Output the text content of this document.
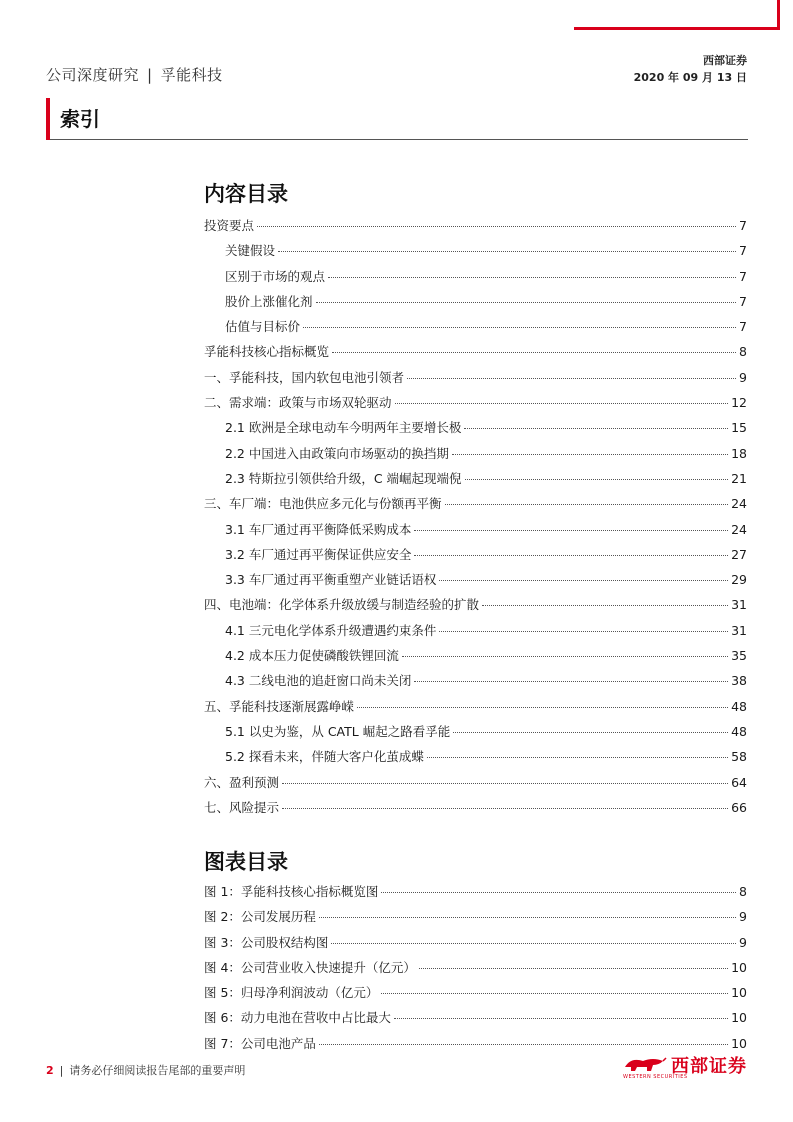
公司深度研究 | 孚能科技
西部证券
2020 年 09 月 13 日
索引
内容目录
投资要点	7
关键假设	7
区别于市场的观点	7
股价上涨催化剂	7
估值与目标价	7
孚能科技核心指标概览	8
一、孚能科技，国内软包电池引领者	9
二、需求端：政策与市场双轮驱动	12
2.1 欧洲是全球电动车今明两年主要增长极	15
2.2 中国进入由政策向市场驱动的换挡期	18
2.3 特斯拉引领供给升级，C 端崛起现端倪	21
三、车厂端：电池供应多元化与份额再平衡	24
3.1 车厂通过再平衡降低采购成本	24
3.2 车厂通过再平衡保证供应安全	27
3.3 车厂通过再平衡重塑产业链话语权	29
四、电池端：化学体系升级放缓与制造经验的扩散	31
4.1 三元电化学体系升级遭遇约束条件	31
4.2 成本压力促使磷酸铁锂回流	35
4.3 二线电池的追赶窗口尚未关闭	38
五、孚能科技逐渐展露峥嵘	48
5.1 以史为鉴，从 CATL 崛起之路看孚能	48
5.2 探看未来，伴随大客户化茧成蝶	58
六、盈利预测	64
七、风险提示	66
图表目录
图 1：孚能科技核心指标概览图	8
图 2：公司发展历程	9
图 3：公司股权结构图	9
图 4：公司营业收入快速提升（亿元）	10
图 5：归母净利润波动（亿元）	10
图 6：动力电池在营收中占比最大	10
图 7：公司电池产品	10
2 | 请务必仔细阅读报告尾部的重要声明	西部证券
WESTERN SECURITIES
